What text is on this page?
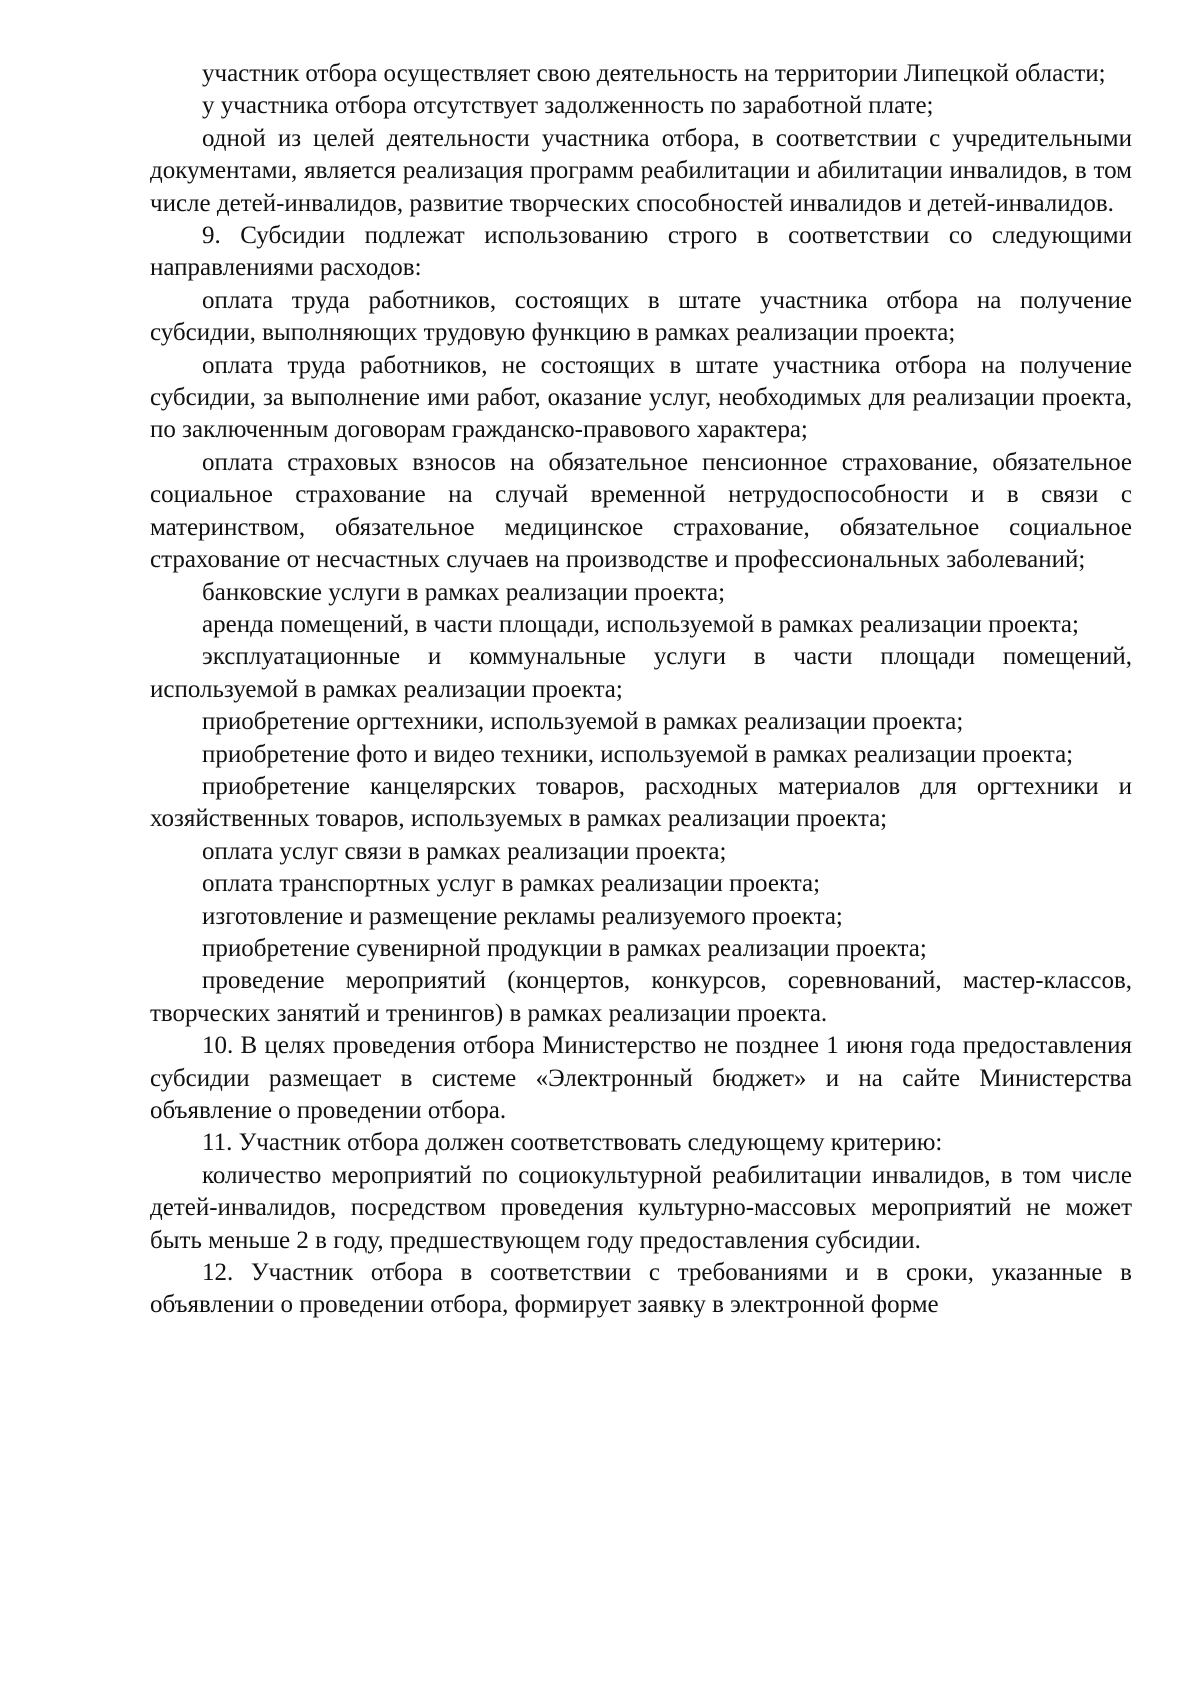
участник отбора осуществляет свою деятельность на территории Липецкой области;

у участника отбора отсутствует задолженность по заработной плате;

одной из целей деятельности участника отбора, в соответствии с учредительными документами, является реализация программ реабилитации и абилитации инвалидов, в том числе детей-инвалидов, развитие творческих способностей инвалидов и детей-инвалидов.

9. Субсидии подлежат использованию строго в соответствии со следующими направлениями расходов:

оплата труда работников, состоящих в штате участника отбора на получение субсидии, выполняющих трудовую функцию в рамках реализации проекта;

оплата труда работников, не состоящих в штате участника отбора на получение субсидии, за выполнение ими работ, оказание услуг, необходимых для реализации проекта, по заключенным договорам гражданско-правового характера;

оплата страховых взносов на обязательное пенсионное страхование, обязательное социальное страхование на случай временной нетрудоспособности и в связи с материнством, обязательное медицинское страхование, обязательное социальное страхование от несчастных случаев на производстве и профессиональных заболеваний;

банковские услуги в рамках реализации проекта;

аренда помещений, в части площади, используемой в рамках реализации проекта;

эксплуатационные и коммунальные услуги в части площади помещений, используемой в рамках реализации проекта;

приобретение оргтехники, используемой в рамках реализации проекта;

приобретение фото и видео техники, используемой в рамках реализации проекта;

приобретение канцелярских товаров, расходных материалов для оргтехники и хозяйственных товаров, используемых в рамках реализации проекта;

оплата услуг связи в рамках реализации проекта;

оплата транспортных услуг в рамках реализации проекта;

изготовление и размещение рекламы реализуемого проекта;

приобретение сувенирной продукции в рамках реализации проекта;

проведение мероприятий (концертов, конкурсов, соревнований, мастер-классов, творческих занятий и тренингов) в рамках реализации проекта.

10. В целях проведения отбора Министерство не позднее 1 июня года предоставления субсидии размещает в системе «Электронный бюджет» и на сайте Министерства объявление о проведении отбора.

11. Участник отбора должен соответствовать следующему критерию:

количество мероприятий по социокультурной реабилитации инвалидов, в том числе детей-инвалидов, посредством проведения культурно-массовых мероприятий не может быть меньше 2 в году, предшествующем году предоставления субсидии.

12. Участник отбора в соответствии с требованиями и в сроки, указанные в объявлении о проведении отбора, формирует заявку в электронной форме
